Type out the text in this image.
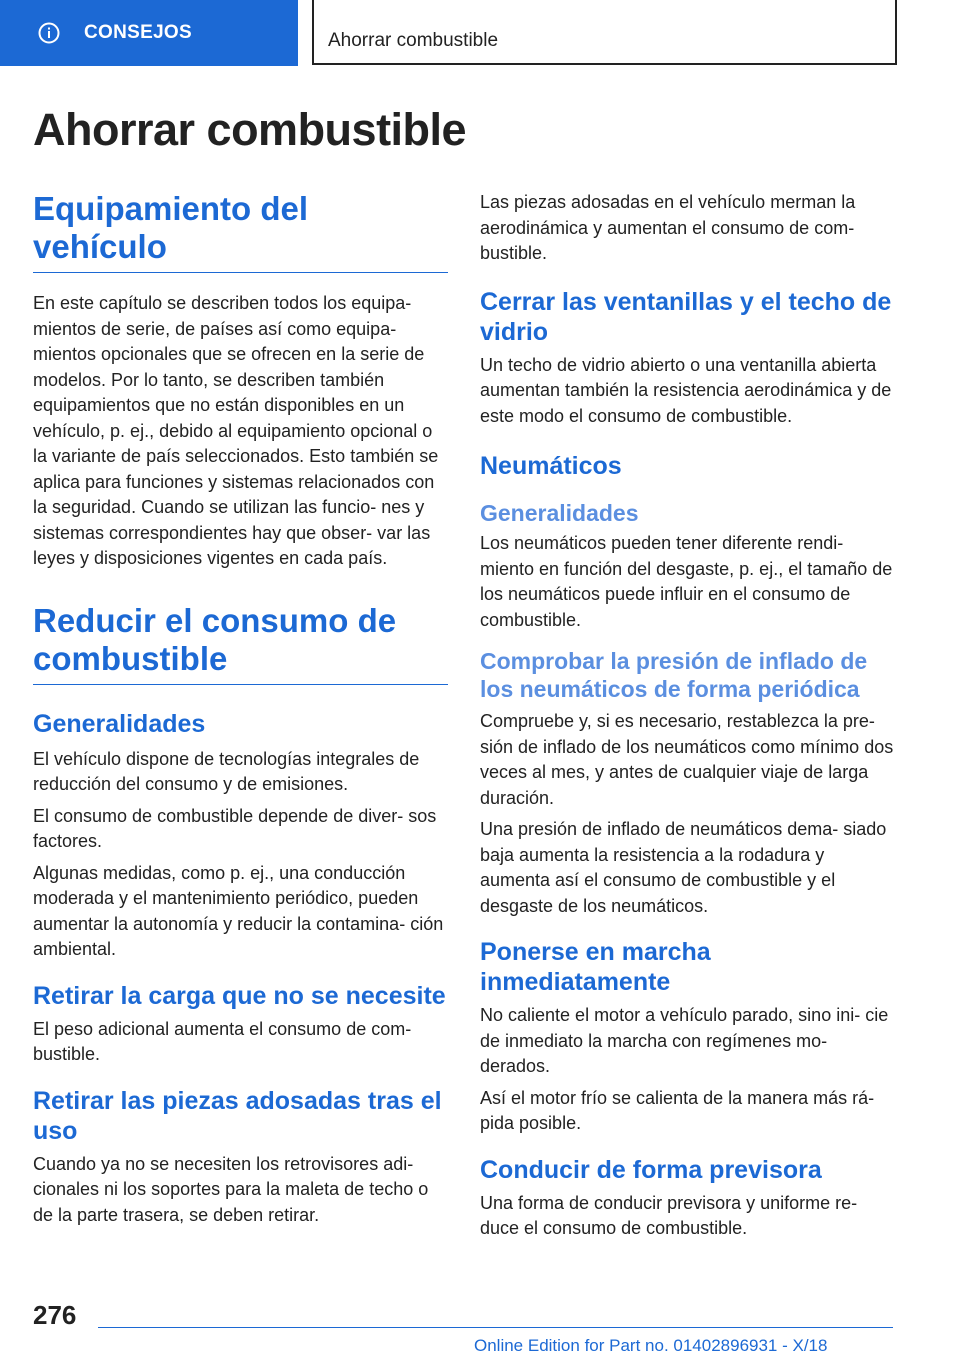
CONSEJOS	Ahorrar combustible
Ahorrar combustible
Equipamiento del vehículo

En este capítulo se describen todos los equipa- mientos de serie, de países así como equipa- mientos opcionales que se ofrecen en la serie de modelos. Por lo tanto, se describen también equipamientos que no están disponibles en un vehículo, p. ej., debido al equipamiento opcional o la variante de país seleccionados. Esto también se aplica para funciones y sistemas relacionados con la seguridad. Cuando se utilizan las funcio- nes y sistemas correspondientes hay que obser- var las leyes y disposiciones vigentes en cada país.

Reducir el consumo de combustible
Generalidades

El vehículo dispone de tecnologías integrales de reducción del consumo y de emisiones.

El consumo de combustible depende de diver- sos factores.

Algunas medidas, como p. ej., una conducción moderada y el mantenimiento periódico, pueden aumentar la autonomía y reducir la contamina- ción ambiental.

Retirar la carga que no se necesite

El peso adicional aumenta el consumo de com- bustible.

Retirar las piezas adosadas tras el uso

Cuando ya no se necesiten los retrovisores adi- cionales ni los soportes para la maleta de techo o de la parte trasera, se deben retirar.

Las piezas adosadas en el vehículo merman la aerodinámica y aumentan el consumo de com- bustible.

Cerrar las ventanillas y el techo de vidrio

Un techo de vidrio abierto o una ventanilla abierta aumentan también la resistencia aerodinámica y de este modo el consumo de combustible.

Neumáticos
Generalidades

Los neumáticos pueden tener diferente rendi- miento en función del desgaste, p. ej., el tamaño de los neumáticos puede influir en el consumo de combustible.

Comprobar la presión de inflado de los neumáticos de forma periódica

Compruebe y, si es necesario, restablezca la pre- sión de inflado de los neumáticos como mínimo dos veces al mes, y antes de cualquier viaje de larga duración.

Una presión de inflado de neumáticos dema- siado baja aumenta la resistencia a la rodadura y aumenta así el consumo de combustible y el desgaste de los neumáticos.

Ponerse en marcha inmediatamente

No caliente el motor a vehículo parado, sino ini- cie de inmediato la marcha con regímenes mo- derados.

Así el motor frío se calienta de la manera más rá- pida posible.

Conducir de forma previsora

Una forma de conducir previsora y uniforme re- duce el consumo de combustible.

276
Online Edition for Part no. 01402896931 - X/18
